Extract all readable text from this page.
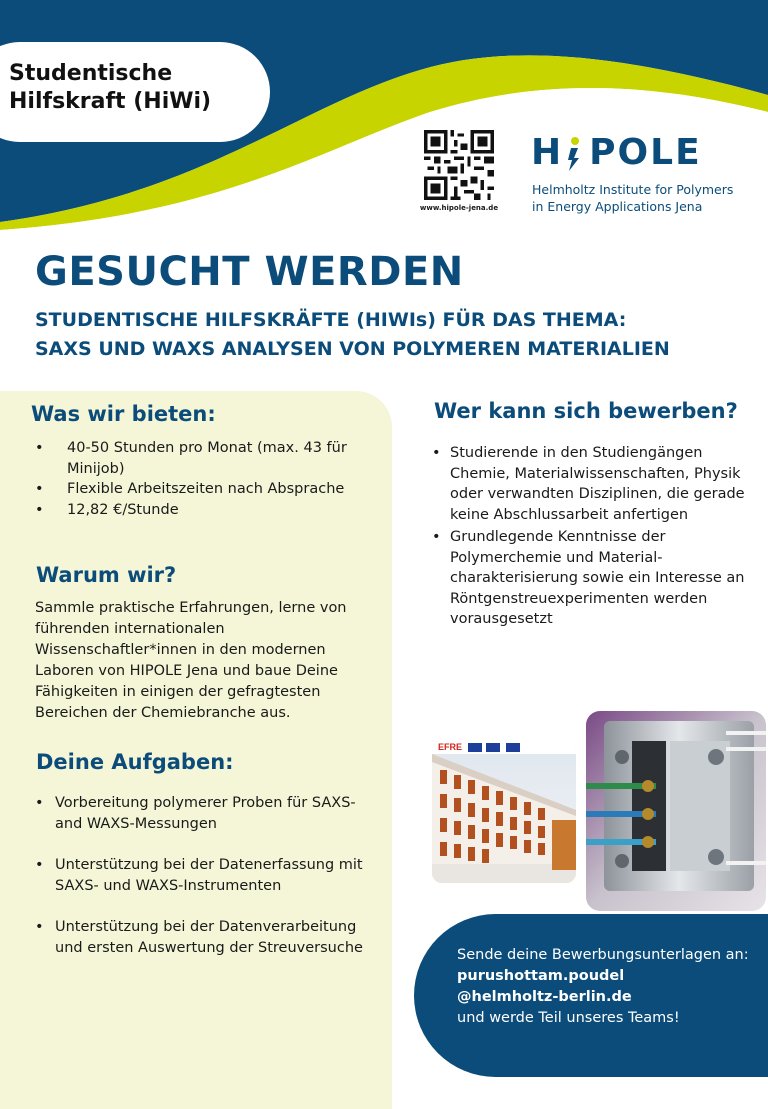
Studentische
Hilfskraft (HiWi)
www.hipole-jena.de
H POLE
Helmholtz Institute for Polymers
in Energy Applications Jena
GESUCHT WERDEN
STUDENTISCHE HILFSKRÄFTE (HIWIs) FÜR DAS THEMA:
SAXS UND WAXS ANALYSEN VON POLYMEREN MATERIALIEN
Was wir bieten:
• 40-50 Stunden pro Monat (max. 43 für Minijob)
• Flexible Arbeitszeiten nach Absprache
• 12,82 €/Stunde
Warum wir?
Sammle praktische Erfahrungen, lerne von führenden internationalen Wissenschaftler*innen in den modernen Laboren von HIPOLE Jena und baue Deine Fähigkeiten in einigen der gefragtesten Bereichen der Chemiebranche aus.
Deine Aufgaben:
• Vorbereitung polymerer Proben für SAXS- and WAXS-Messungen
• Unterstützung bei der Datenerfassung mit SAXS- und WAXS-Instrumenten
• Unterstützung bei der Datenverarbeitung und ersten Auswertung der Streuversuche
Wer kann sich bewerben?
• Studierende in den Studiengängen Chemie, Materialwissenschaften, Physik oder verwandten Disziplinen, die gerade keine Abschlussarbeit anfertigen
• Grundlegende Kenntnisse der Polymerchemie und Material-charakterisierung sowie ein Interesse an Röntgenstreuexperimenten werden vorausgesetzt
EFRE
Sende deine Bewerbungsunterlagen an:
purushottam.poudel
@helmholtz-berlin.de
und werde Teil unseres Teams!
